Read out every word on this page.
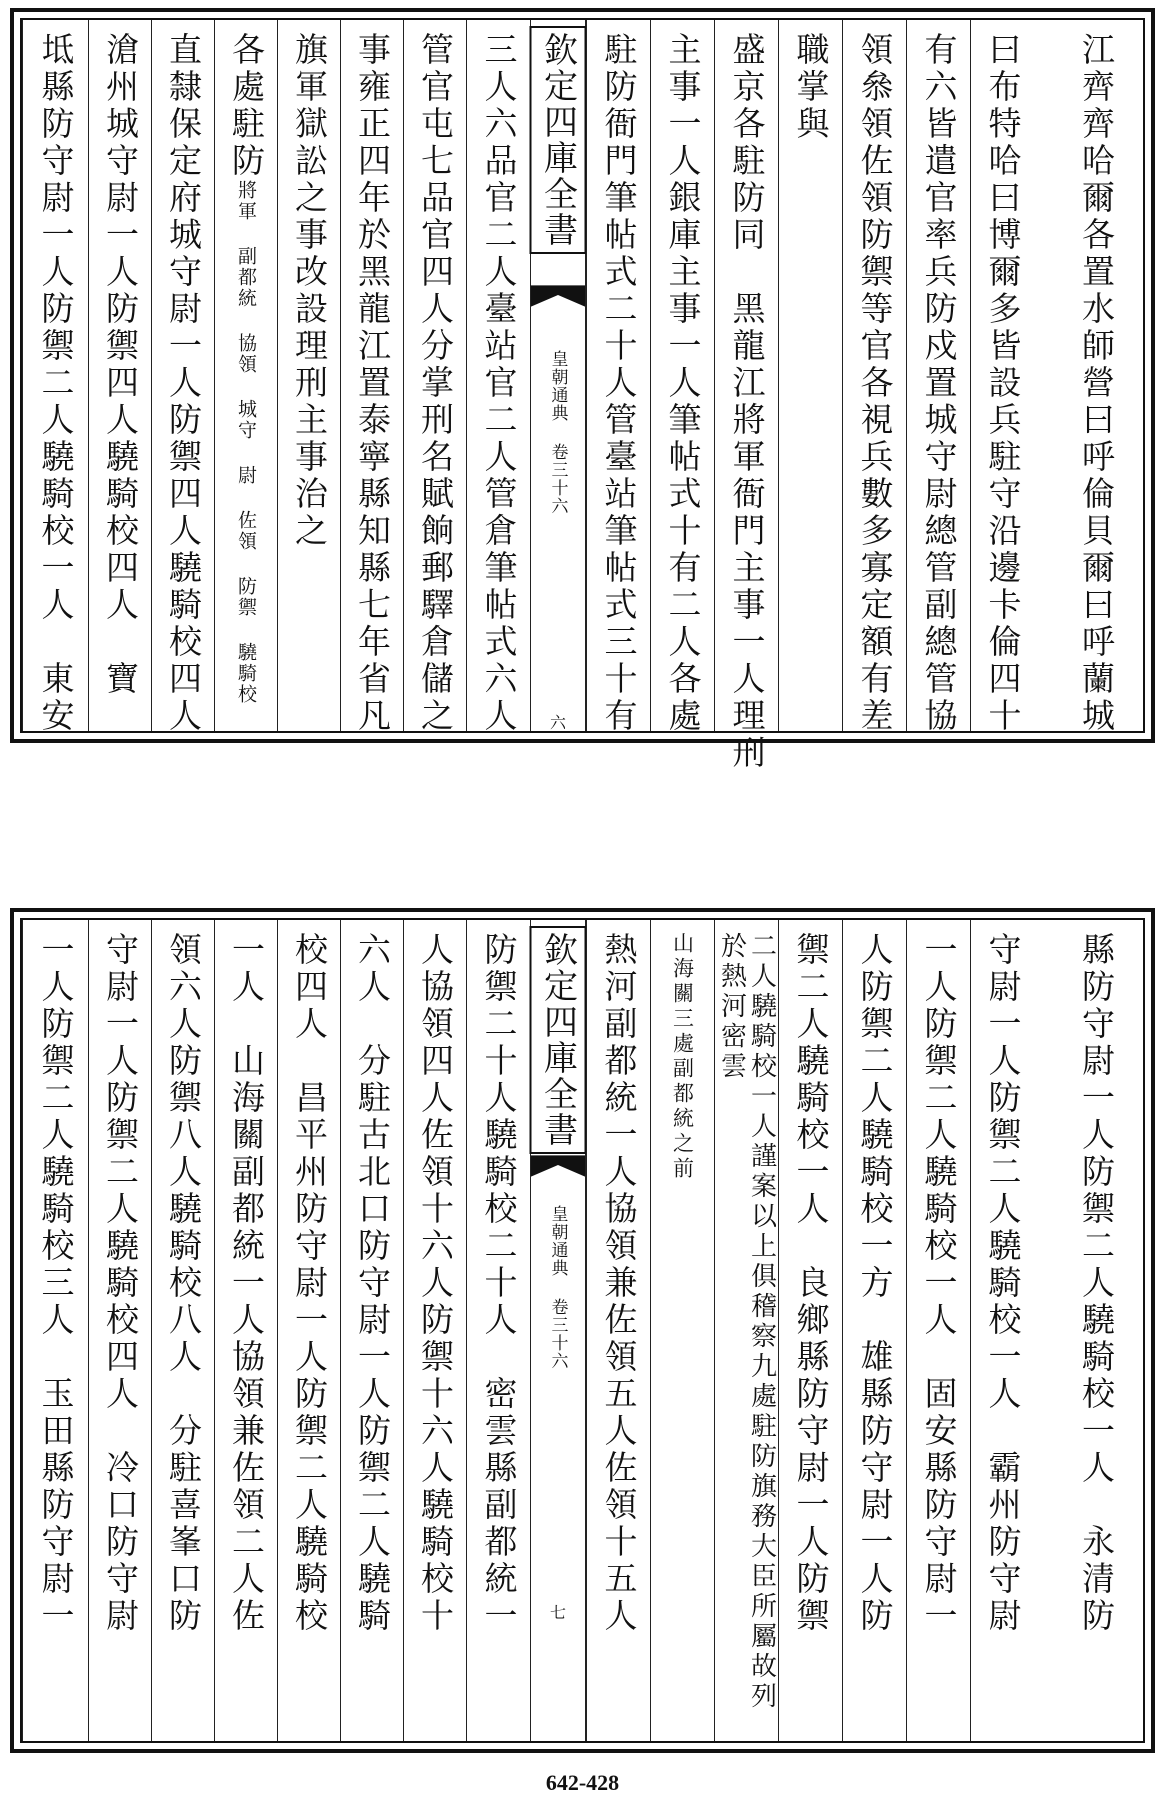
坻縣防守尉一人防禦二人驍騎校一人　東安 滄州城守尉一人防禦四人驍騎校四人　寶 直隸保定府城守尉一人防禦四人驍騎校四人 各處駐防將軍 副都統 協領 城守 尉 佐領 防禦 驍騎校	旗軍獄訟之事改設理刑主事治之 事雍正四年於黑龍江置泰寧縣知縣七年省凡 管官屯七品官四人分掌刑名賦餉郵驛倉儲之 三人六品官二人臺站官二人管倉筆帖式六人 欽定四庫全書
皇朝通典 卷三十六
六	駐防衙門筆帖式二十人管臺站筆帖式三十有 主事一人銀庫主事一人筆帖式十有二人各處 盛京各駐防同　黑龍江將軍衙門主事一人理刑 職掌與 領叅領佐領防禦等官各視兵數多寡定額有差 有六皆遣官率兵防戍置城守尉總管副總管協 曰布特哈曰博爾多皆設兵駐守沿邊卡倫四十	江齊齊哈爾各置水師營曰呼倫貝爾曰呼蘭城
一人防禦二人驍騎校三人　玉田縣防守尉一 守尉一人防禦二人驍騎校四人　冷口防守尉 領六人防禦八人驍騎校八人　分駐喜峯口防 一人　山海關副都統一人協領兼佐領二人佐 校四人　昌平州防守尉一人防禦二人驍騎校 六人　分駐古北口防守尉一人防禦二人驍騎 人協領四人佐領十六人防禦十六人驍騎校十 防禦二十人驍騎校二十人　密雲縣副都統一 欽定四庫全書
皇朝通典 卷三十六
七	熱河副都統一人協領兼佐領五人佐領十五人	山海關三處副都統之前	二人驍騎校一人謹案以上俱稽察九處駐防旗務大臣所屬故列於熱河密雲	禦二人驍騎校一人　良鄉縣防守尉一人防禦 人防禦二人驍騎校一方　雄縣防守尉一人防 一人防禦二人驍騎校一人　固安縣防守尉一 守尉一人防禦二人驍騎校一人　霸州防守尉	縣防守尉一人防禦二人驍騎校一人　永清防
642-428
